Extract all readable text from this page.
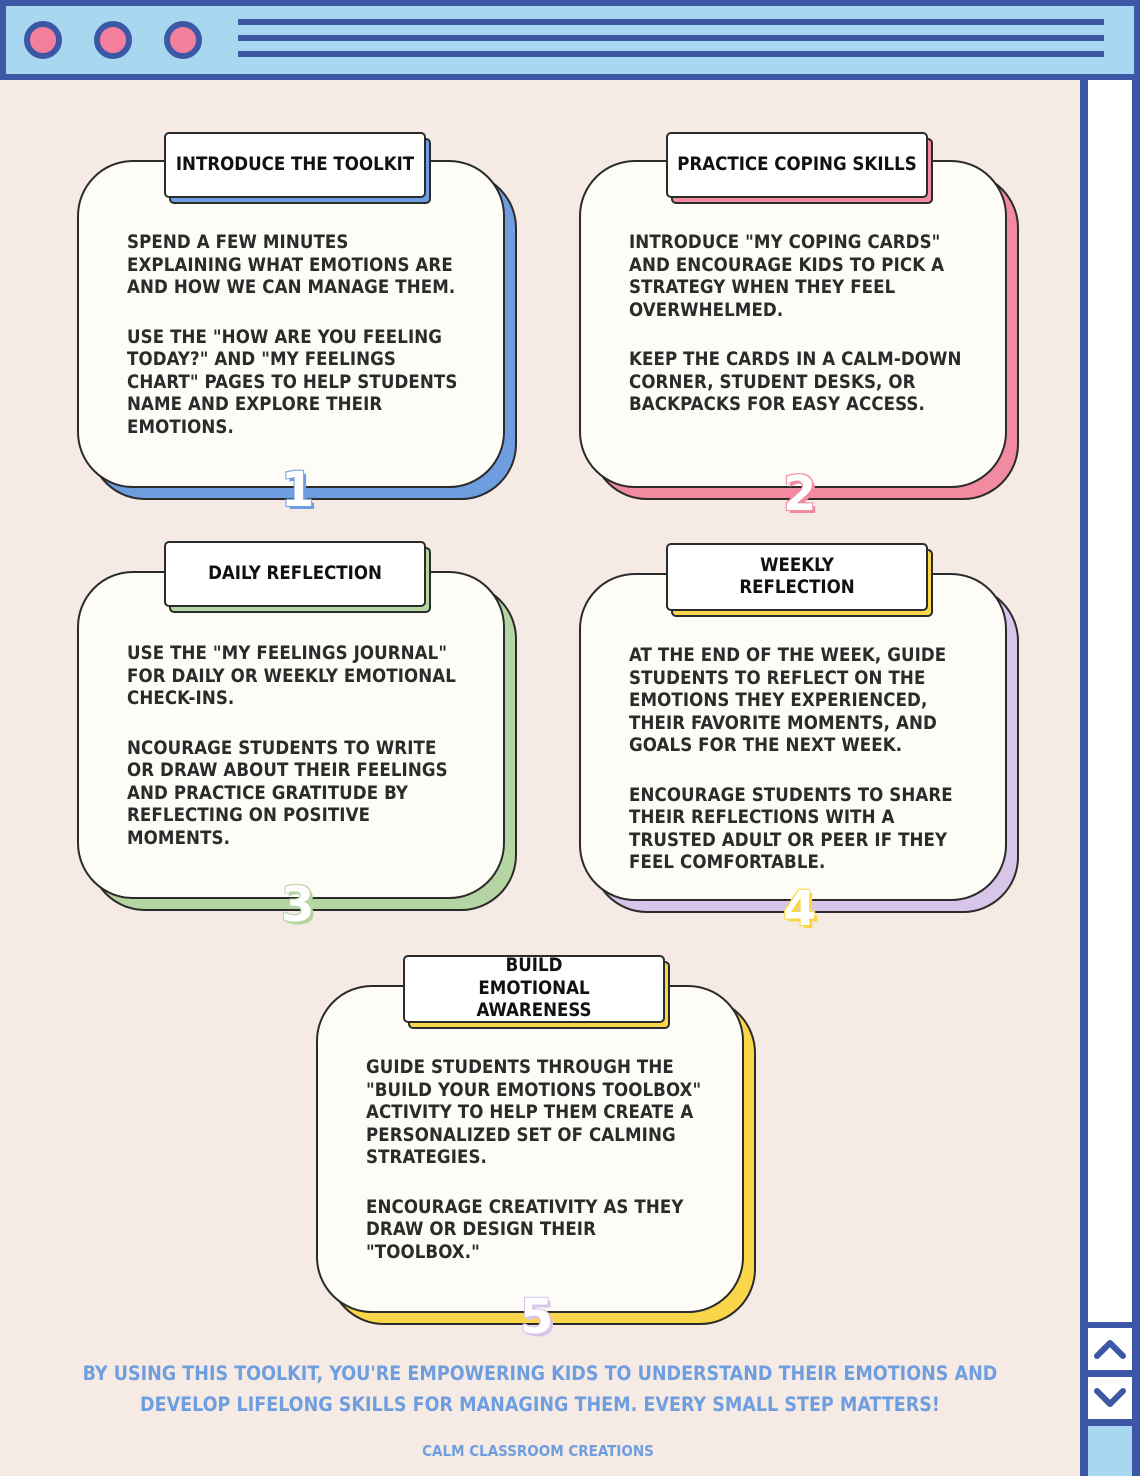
SPEND A FEW MINUTES EXPLAINING WHAT EMOTIONS ARE AND HOW WE CAN MANAGE THEM.

USE THE "HOW ARE YOU FEELING TODAY?" AND "MY FEELINGS CHART" PAGES TO HELP STUDENTS NAME AND EXPLORE THEIR EMOTIONS.

INTRODUCE THE TOOLKIT
1

INTRODUCE "MY COPING CARDS" AND ENCOURAGE KIDS TO PICK A STRATEGY WHEN THEY FEEL OVERWHELMED.

KEEP THE CARDS IN A CALM-DOWN CORNER, STUDENT DESKS, OR BACKPACKS FOR EASY ACCESS.

PRACTICE COPING SKILLS
2

USE THE "MY FEELINGS JOURNAL" FOR DAILY OR WEEKLY EMOTIONAL CHECK-INS.

NCOURAGE STUDENTS TO WRITE OR DRAW ABOUT THEIR FEELINGS AND PRACTICE GRATITUDE BY REFLECTING ON POSITIVE MOMENTS.

DAILY REFLECTION
3

AT THE END OF THE WEEK, GUIDE STUDENTS TO REFLECT ON THE EMOTIONS THEY EXPERIENCED, THEIR FAVORITE MOMENTS, AND GOALS FOR THE NEXT WEEK.

ENCOURAGE STUDENTS TO SHARE THEIR REFLECTIONS WITH A TRUSTED ADULT OR PEER IF THEY FEEL COMFORTABLE.

WEEKLY REFLECTION
4

GUIDE STUDENTS THROUGH THE "BUILD YOUR EMOTIONS TOOLBOX" ACTIVITY TO HELP THEM CREATE A PERSONALIZED SET OF CALMING STRATEGIES.

ENCOURAGE CREATIVITY AS THEY DRAW OR DESIGN THEIR "TOOLBOX."

BUILD EMOTIONAL AWARENESS
5
BY USING THIS TOOLKIT, YOU'RE EMPOWERING KIDS TO UNDERSTAND THEIR EMOTIONS AND DEVELOP LIFELONG SKILLS FOR MANAGING THEM. EVERY SMALL STEP MATTERS!
CALM CLASSROOM CREATIONS
